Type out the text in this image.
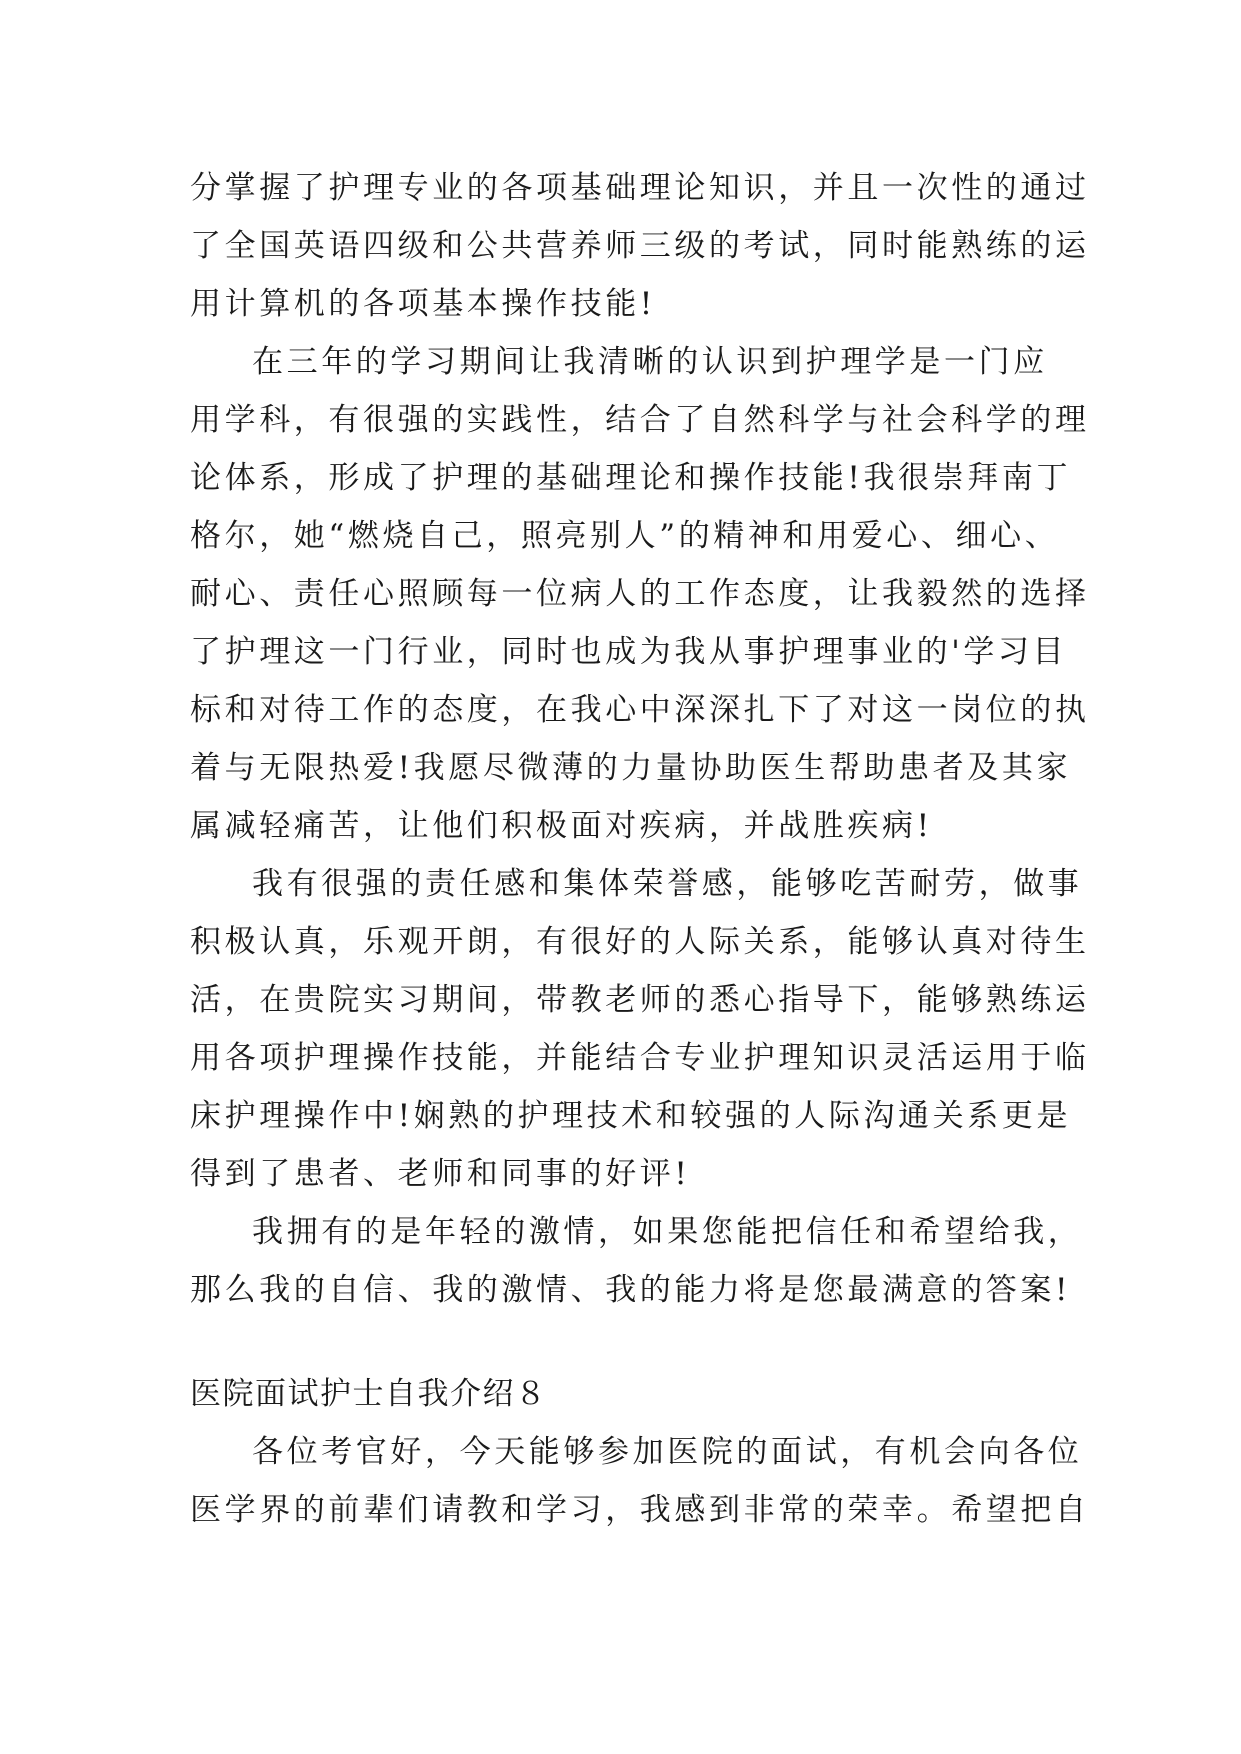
分掌握了护理专业的各项基础理论知识，并且一次性的通过
了全国英语四级和公共营养师三级的考试，同时能熟练的运
用计算机的各项基本操作技能!
在三年的学习期间让我清晰的认识到护理学是一门应
用学科，有很强的实践性，结合了自然科学与社会科学的理
论体系，形成了护理的基础理论和操作技能!我很崇拜南丁
格尔，她“燃烧自己，照亮别人”的精神和用爱心、细心、
耐心、责任心照顾每一位病人的工作态度，让我毅然的选择
了护理这一门行业，同时也成为我从事护理事业的'学习目
标和对待工作的态度，在我心中深深扎下了对这一岗位的执
着与无限热爱!我愿尽微薄的力量协助医生帮助患者及其家
属减轻痛苦，让他们积极面对疾病，并战胜疾病!
我有很强的责任感和集体荣誉感，能够吃苦耐劳，做事
积极认真，乐观开朗，有很好的人际关系，能够认真对待生
活，在贵院实习期间，带教老师的悉心指导下，能够熟练运
用各项护理操作技能，并能结合专业护理知识灵活运用于临
床护理操作中!娴熟的护理技术和较强的人际沟通关系更是
得到了患者、老师和同事的好评!
我拥有的是年轻的激情，如果您能把信任和希望给我，
那么我的自信、我的激情、我的能力将是您最满意的答案!
医院面试护士自我介绍８
各位考官好，今天能够参加医院的面试，有机会向各位
医学界的前辈们请教和学习，我感到非常的荣幸。希望把自
